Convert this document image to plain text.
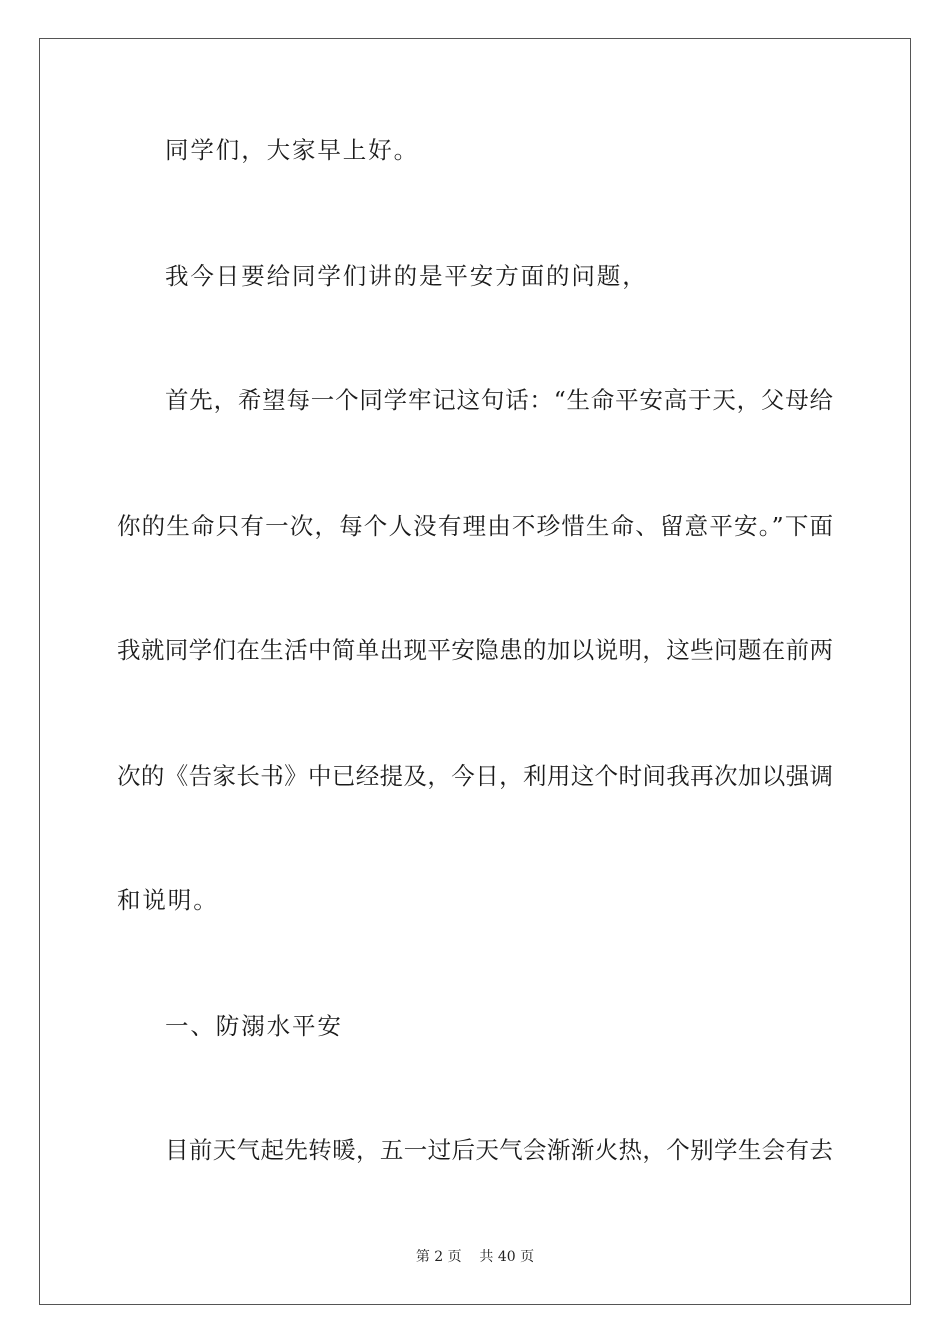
同学们，大家早上好。
我今日要给同学们讲的是平安方面的问题，
首先，希望每一个同学牢记这句话：“生命平安高于天，父母给
你的生命只有一次，每个人没有理由不珍惜生命、留意平安。”下面
我就同学们在生活中简单出现平安隐患的加以说明，这些问题在前两
次的《告家长书》中已经提及，今日，利用这个时间我再次加以强调
和说明。
一、防溺水平安
目前天气起先转暖，五一过后天气会渐渐火热，个别学生会有去
第 2 页    共 40 页
